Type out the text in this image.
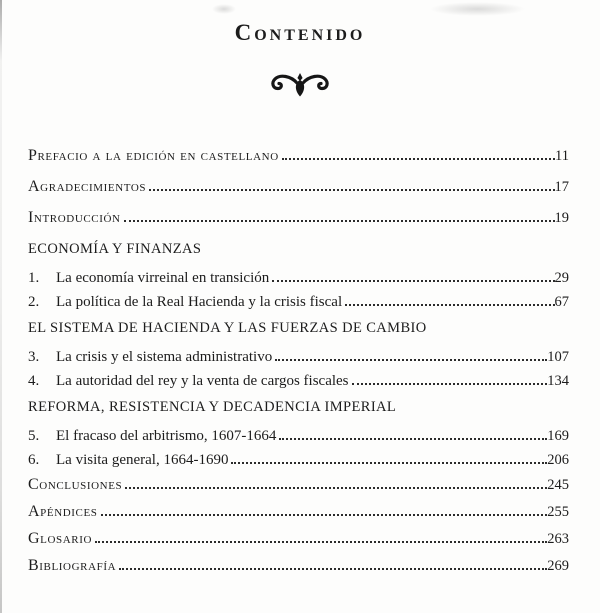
Contenido
Prefacio a la edición en castellano	11
Agradecimientos	17
Introducción	19
ECONOMÍA Y FINANZAS
1.	La economía virreinal en transición	29
2.	La política de la Real Hacienda y la crisis fiscal	67
EL SISTEMA DE HACIENDA Y LAS FUERZAS DE CAMBIO
3.	La crisis y el sistema administrativo	107
4.	La autoridad del rey y la venta de cargos fiscales	134
REFORMA, RESISTENCIA Y DECADENCIA IMPERIAL
5.	El fracaso del arbitrismo, 1607-1664	169
6.	La visita general, 1664-1690	206
Conclusiones	245
Apéndices	255
Glosario	263
Bibliografía	269
